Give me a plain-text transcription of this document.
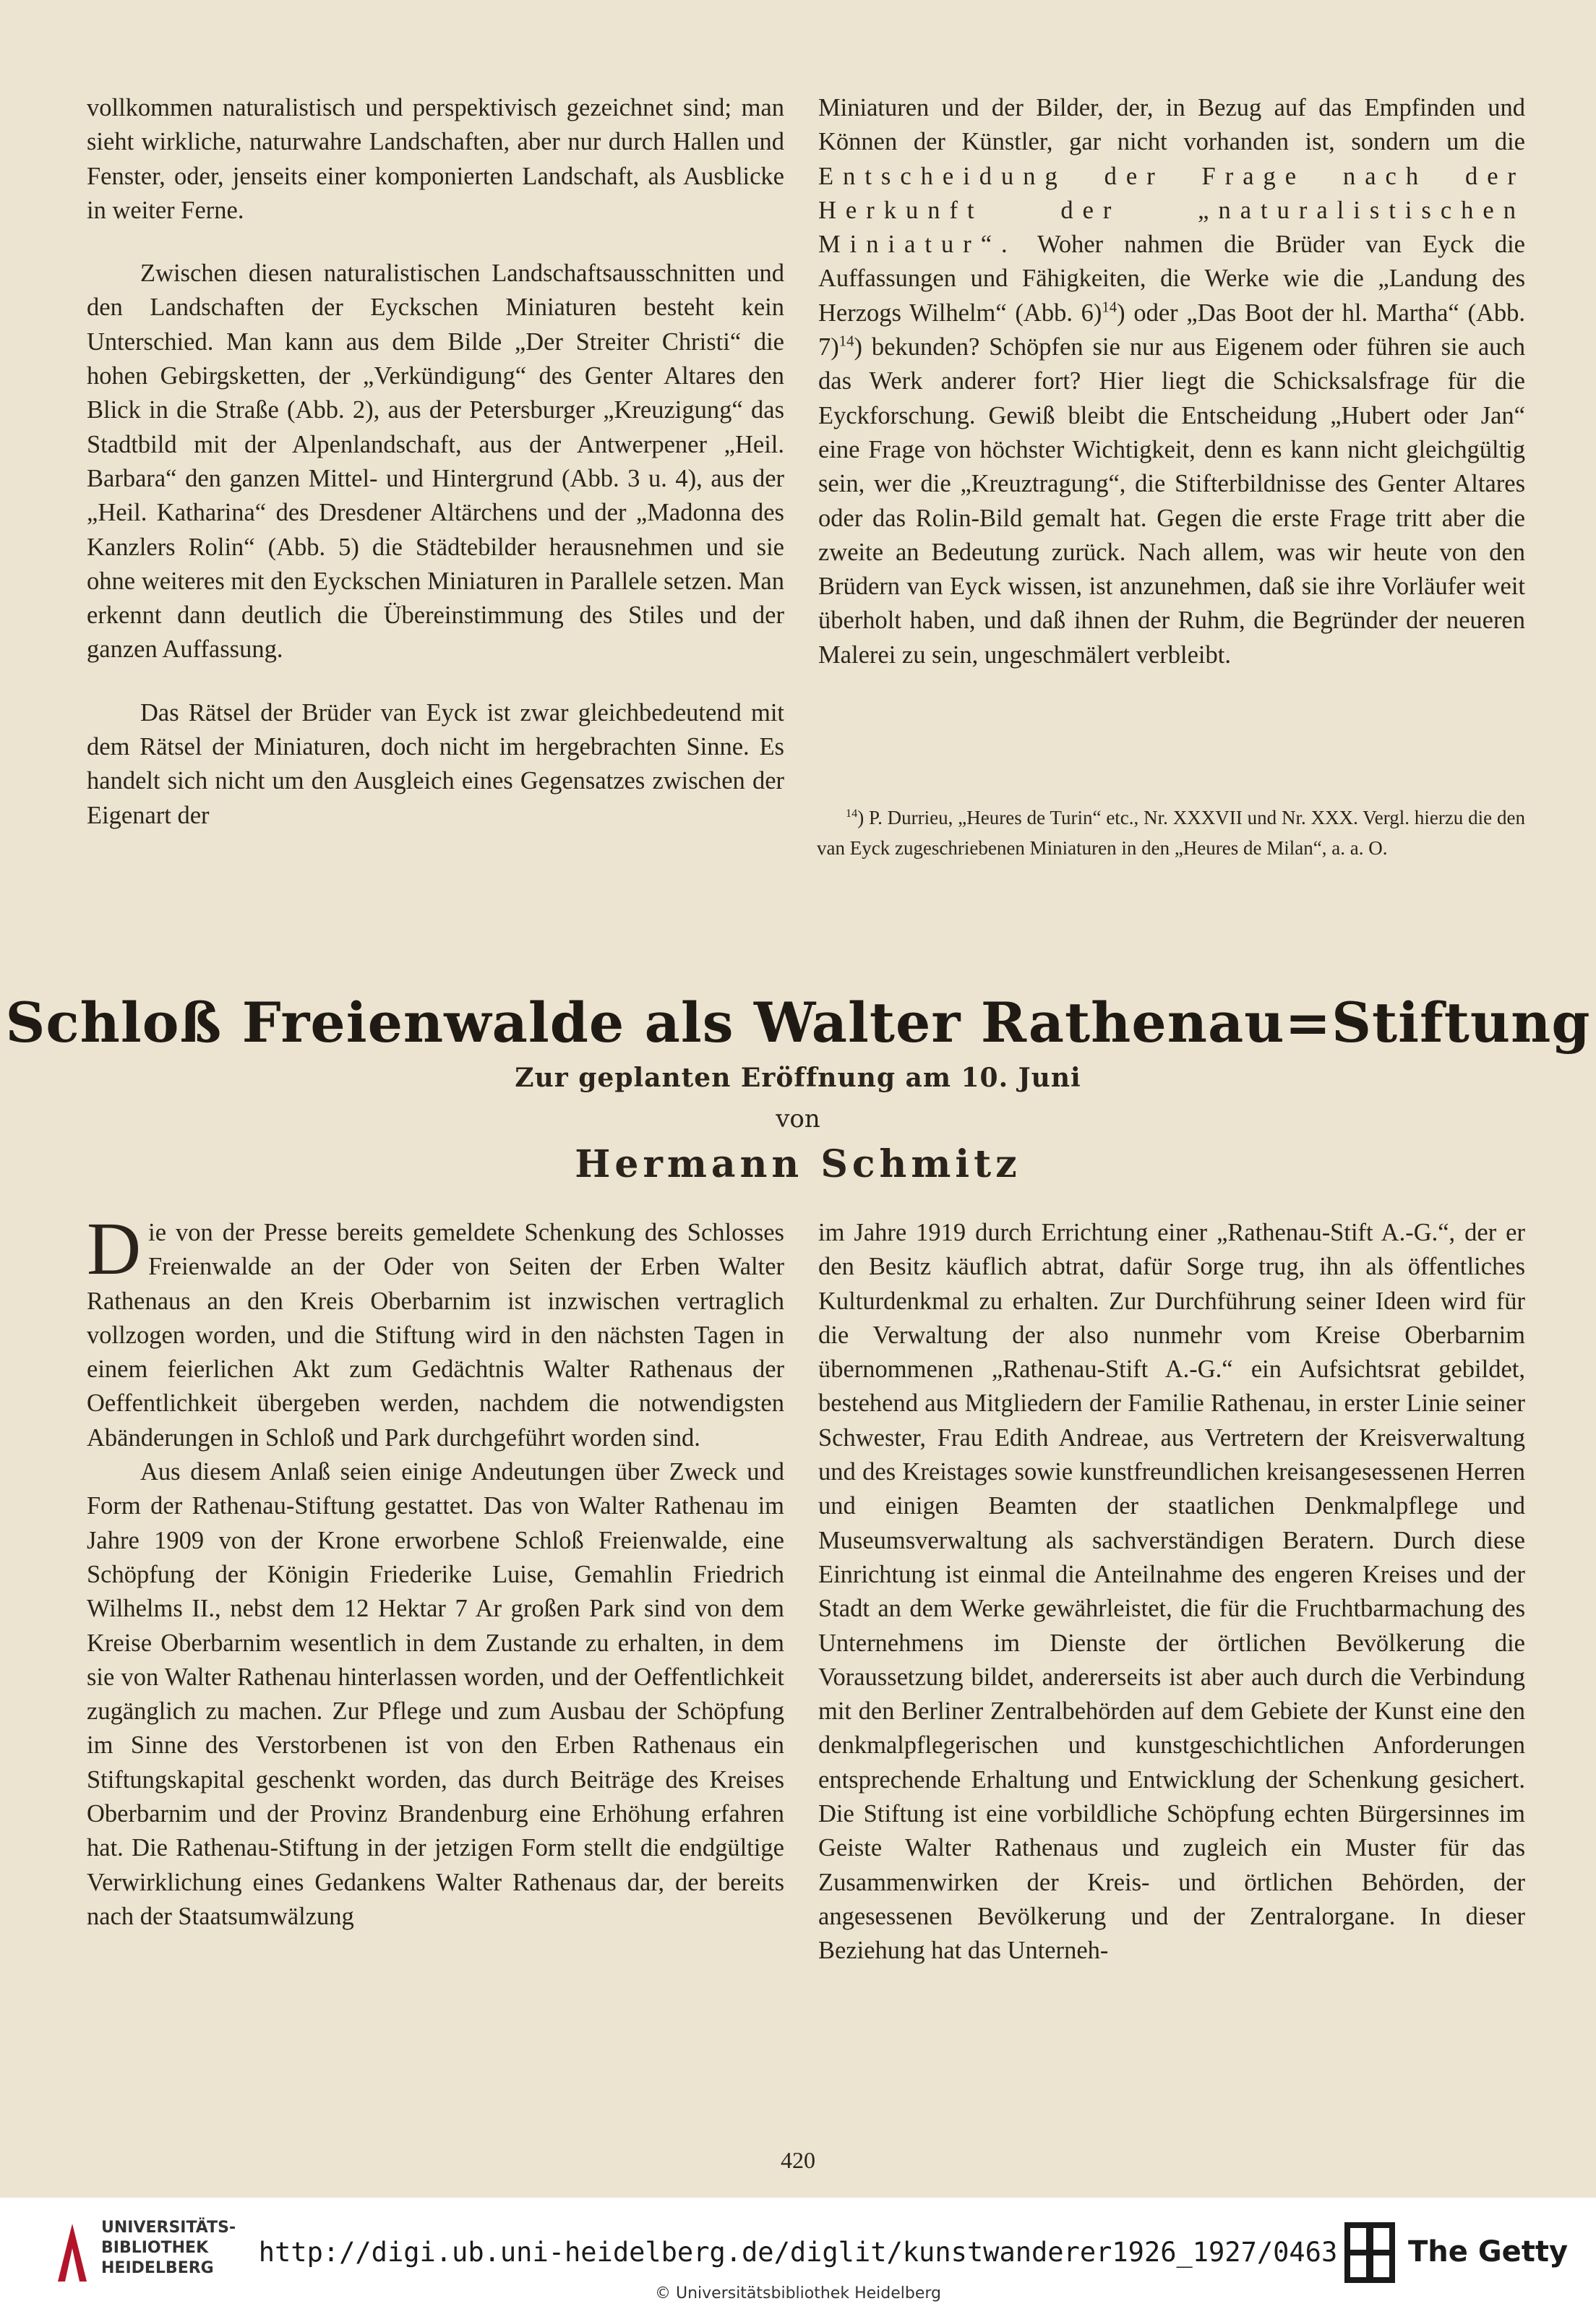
vollkommen naturalistisch und perspektivisch gezeichnet sind; man sieht wirkliche, naturwahre Landschaften, aber nur durch Hallen und Fenster, oder, jenseits einer komponierten Landschaft, als Ausblicke in weiter Ferne.

Zwischen diesen naturalistischen Landschaftsausschnitten und den Landschaften der Eyckschen Miniaturen besteht kein Unterschied. Man kann aus dem Bilde „Der Streiter Christi“ die hohen Gebirgsketten, der „Verkündigung“ des Genter Altares den Blick in die Straße (Abb. 2), aus der Petersburger „Kreuzigung“ das Stadtbild mit der Alpenlandschaft, aus der Antwerpener „Heil. Barbara“ den ganzen Mittel- und Hintergrund (Abb. 3 u. 4), aus der „Heil. Katharina“ des Dresdener Altärchens und der „Madonna des Kanzlers Rolin“ (Abb. 5) die Städtebilder herausnehmen und sie ohne weiteres mit den Eyckschen Miniaturen in Parallele setzen. Man erkennt dann deutlich die Übereinstimmung des Stiles und der ganzen Auffassung.

Das Rätsel der Brüder van Eyck ist zwar gleichbedeutend mit dem Rätsel der Miniaturen, doch nicht im hergebrachten Sinne. Es handelt sich nicht um den Ausgleich eines Gegensatzes zwischen der Eigenart der

Miniaturen und der Bilder, der, in Bezug auf das Empfinden und Können der Künstler, gar nicht vorhanden ist, sondern um die Entscheidung der Frage nach der Herkunft der „naturalistischen Miniatur“. Woher nahmen die Brüder van Eyck die Auffassungen und Fähigkeiten, die Werke wie die „Landung des Herzogs Wilhelm“ (Abb. 6)$^{14}$) oder „Das Boot der hl. Martha“ (Abb. 7)$^{14}$) bekunden? Schöpfen sie nur aus Eigenem oder führen sie auch das Werk anderer fort? Hier liegt die Schicksalsfrage für die Eyckforschung. Gewiß bleibt die Entscheidung „Hubert oder Jan“ eine Frage von höchster Wichtigkeit, denn es kann nicht gleichgültig sein, wer die „Kreuztragung“, die Stifterbildnisse des Genter Altares oder das Rolin-Bild gemalt hat. Gegen die erste Frage tritt aber die zweite an Bedeutung zurück. Nach allem, was wir heute von den Brüdern van Eyck wissen, ist anzunehmen, daß sie ihre Vorläufer weit überholt haben, und daß ihnen der Ruhm, die Begründer der neueren Malerei zu sein, ungeschmälert verbleibt.

$^{14}$) P. Durrieu, „Heures de Turin“ etc., Nr. XXXVII und Nr. XXX. Vergl. hierzu die den van Eyck zugeschriebenen Miniaturen in den „Heures de Milan“, a. a. O.
Schloß Freienwalde als Walter Rathenau=Stiftung
Zur geplanten Eröffnung am 10. Juni
von
Hermann Schmitz

Die von der Presse bereits gemeldete Schenkung des Schlosses Freienwalde an der Oder von Seiten der Erben Walter Rathenaus an den Kreis Oberbarnim ist inzwischen vertraglich vollzogen worden, und die Stiftung wird in den nächsten Tagen in einem feierlichen Akt zum Gedächtnis Walter Rathenaus der Oeffentlichkeit übergeben werden, nachdem die notwendigsten Abänderungen in Schloß und Park durchgeführt worden sind.

Aus diesem Anlaß seien einige Andeutungen über Zweck und Form der Rathenau-Stiftung gestattet. Das von Walter Rathenau im Jahre 1909 von der Krone erworbene Schloß Freienwalde, eine Schöpfung der Königin Friederike Luise, Gemahlin Friedrich Wilhelms II., nebst dem 12 Hektar 7 Ar großen Park sind von dem Kreise Oberbarnim wesentlich in dem Zustande zu erhalten, in dem sie von Walter Rathenau hinterlassen worden, und der Oeffentlichkeit zugänglich zu machen. Zur Pflege und zum Ausbau der Schöpfung im Sinne des Verstorbenen ist von den Erben Rathenaus ein Stiftungskapital geschenkt worden, das durch Beiträge des Kreises Oberbarnim und der Provinz Brandenburg eine Erhöhung erfahren hat. Die Rathenau-Stiftung in der jetzigen Form stellt die endgültige Verwirklichung eines Gedankens Walter Rathenaus dar, der bereits nach der Staatsumwälzung

im Jahre 1919 durch Errichtung einer „Rathenau-Stift A.-G.“, der er den Besitz käuflich abtrat, dafür Sorge trug, ihn als öffentliches Kulturdenkmal zu erhalten. Zur Durchführung seiner Ideen wird für die Verwaltung der also nunmehr vom Kreise Oberbarnim übernommenen „Rathenau-Stift A.-G.“ ein Aufsichtsrat gebildet, bestehend aus Mitgliedern der Familie Rathenau, in erster Linie seiner Schwester, Frau Edith Andreae, aus Vertretern der Kreisverwaltung und des Kreistages sowie kunstfreundlichen kreisangesessenen Herren und einigen Beamten der staatlichen Denkmalpflege und Museumsverwaltung als sachverständigen Beratern. Durch diese Einrichtung ist einmal die Anteilnahme des engeren Kreises und der Stadt an dem Werke gewährleistet, die für die Fruchtbarmachung des Unternehmens im Dienste der örtlichen Bevölkerung die Voraussetzung bildet, andererseits ist aber auch durch die Verbindung mit den Berliner Zentralbehörden auf dem Gebiete der Kunst eine den denkmalpflegerischen und kunstgeschichtlichen Anforderungen entsprechende Erhaltung und Entwicklung der Schenkung gesichert. Die Stiftung ist eine vorbildliche Schöpfung echten Bürgersinnes im Geiste Walter Rathenaus und zugleich ein Muster für das Zusammenwirken der Kreis- und örtlichen Behörden, der angesessenen Bevölkerung und der Zentralorgane. In dieser Beziehung hat das Unterneh-

420
UNIVERSITÄTS-
BIBLIOTHEK
HEIDELBERG
http://digi.ub.uni-heidelberg.de/diglit/kunstwanderer1926_1927/0463
© Universitätsbibliothek Heidelberg
The Getty
